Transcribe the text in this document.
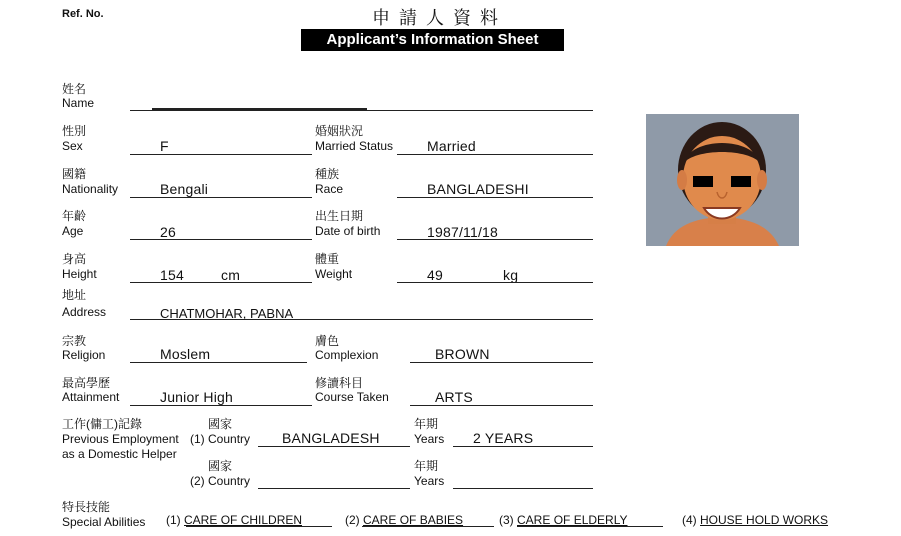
Ref. No.	申 請 人 資 料
Applicant’s Information Sheet
姓名
Name
性別
Sex	F
婚姻狀況
Married Status Married
國籍
Nationality	Bengali
種族
Race	BANGLADESHI
年齡
Age	26
出生日期
Date of birth	1987/11/18
身高
Height	154	cm
體重
Weight	49	kg
地址
Address	CHATMOHAR, PABNA
宗教
Religion	Moslem
膚色
Complexion	BROWN
最高學歷
Attainment	Junior High
修讀科目
Course Taken	ARTS
工作(傭工)記錄
Previous Employment
as a Domestic Helper
國家
(1) Country BANGLADESH
年期
Years 2 YEARS
國家
(2) Country
年期
Years
特長技能
Special Abilities (1) CARE OF CHILDREN	(2) CARE OF BABIES	(3) CARE OF ELDERLY	(4) HOUSE HOLD WORKS
